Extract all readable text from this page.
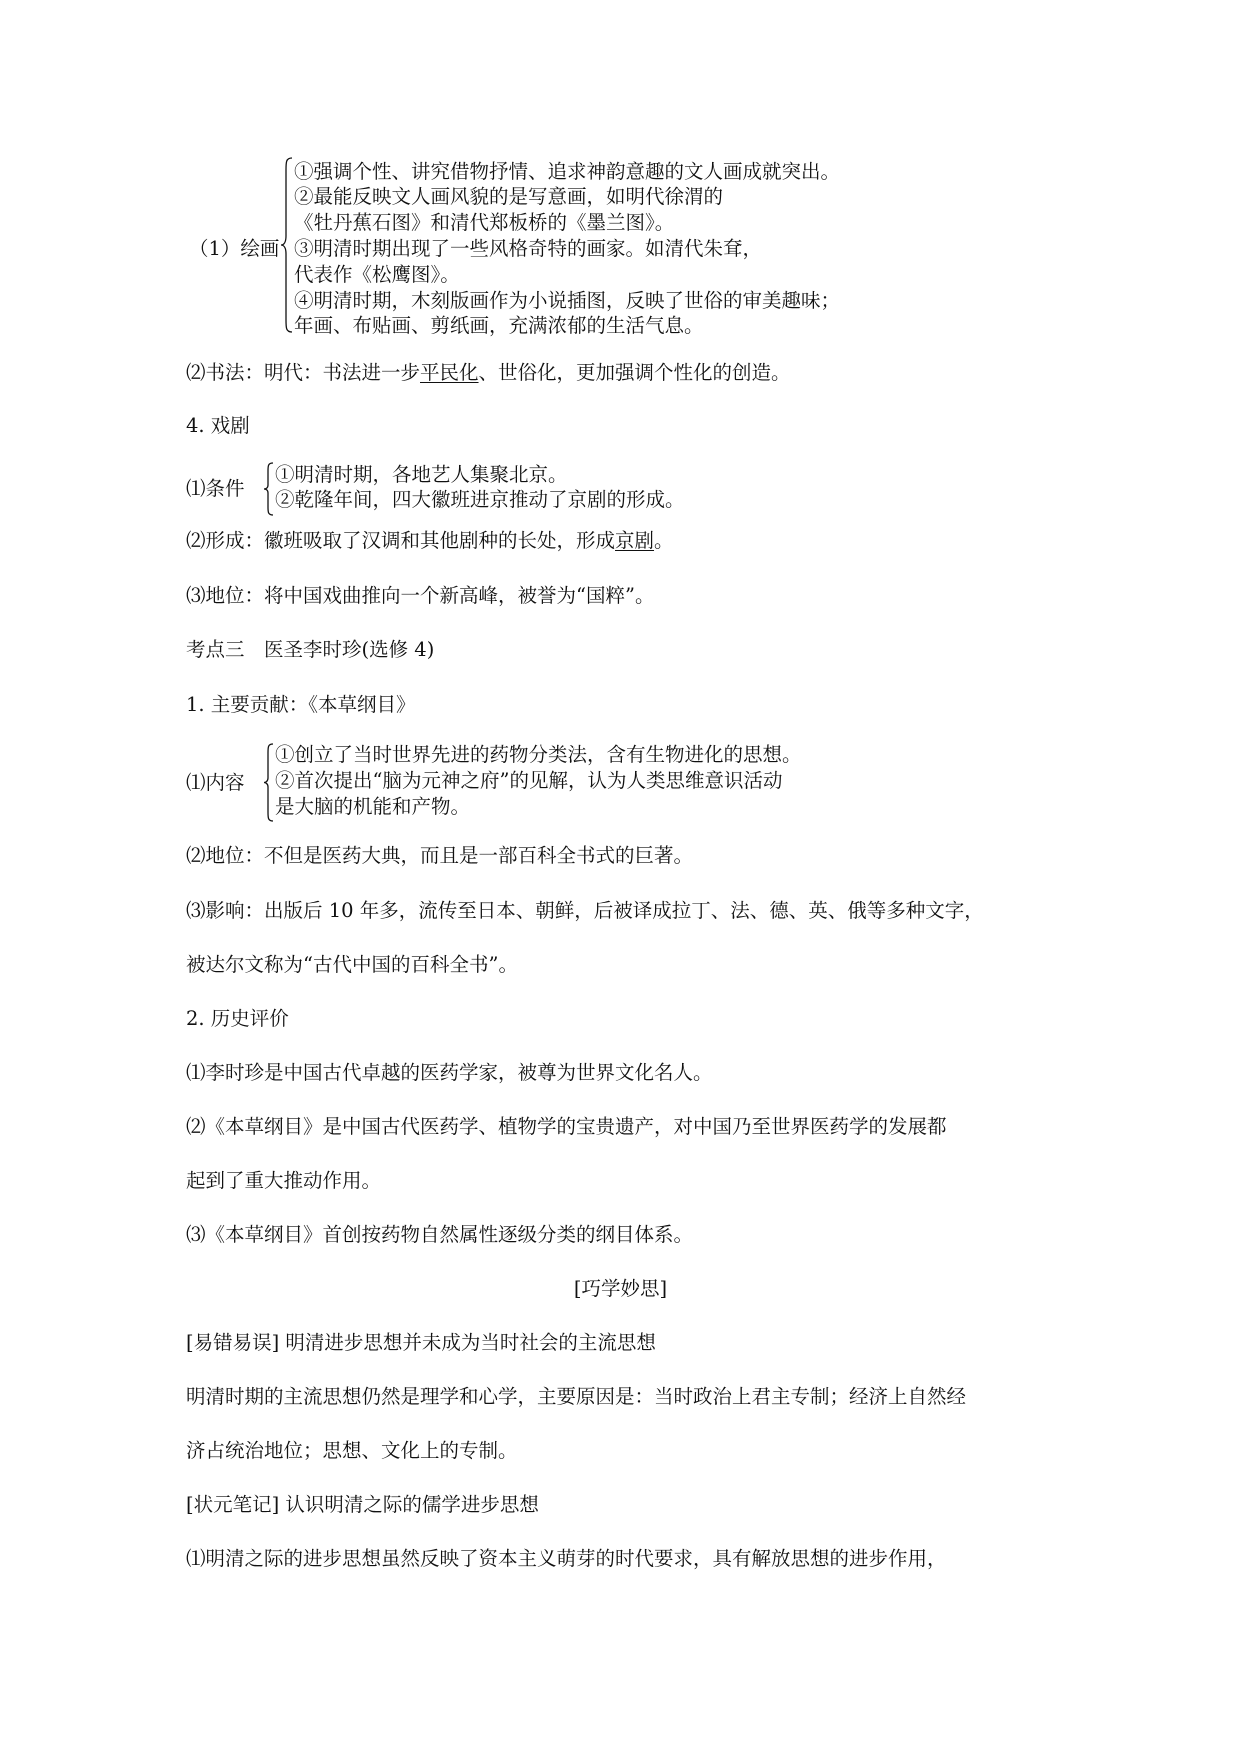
（1）绘画
①强调个性、讲究借物抒情、追求神韵意趣的文人画成就突出。
②最能反映文人画风貌的是写意画，如明代徐渭的
《牡丹蕉石图》和清代郑板桥的《墨兰图》。
③明清时期出现了一些风格奇特的画家。如清代朱耷，
代表作《松鹰图》。
④明清时期，木刻版画作为小说插图，反映了世俗的审美趣味；
年画、布贴画、剪纸画，充满浓郁的生活气息。
⑵书法：明代：书法进一步平民化、世俗化，更加强调个性化的创造。
4. 戏剧
⑴条件
①明清时期，各地艺人集聚北京。
②乾隆年间，四大徽班进京推动了京剧的形成。
⑵形成：徽班吸取了汉调和其他剧种的长处，形成京剧。
⑶地位：将中国戏曲推向一个新高峰，被誉为“国粹”。
考点三　医圣李时珍(选修 4)
1. 主要贡献：《本草纲目》
⑴内容
①创立了当时世界先进的药物分类法，含有生物进化的思想。
②首次提出“脑为元神之府”的见解，认为人类思维意识活动
是大脑的机能和产物。
⑵地位：不但是医药大典，而且是一部百科全书式的巨著。
⑶影响：出版后 10 年多，流传至日本、朝鲜，后被译成拉丁、法、德、英、俄等多种文字，
被达尔文称为“古代中国的百科全书”。
2. 历史评价
⑴李时珍是中国古代卓越的医药学家，被尊为世界文化名人。
⑵《本草纲目》是中国古代医药学、植物学的宝贵遗产，对中国乃至世界医药学的发展都
起到了重大推动作用。
⑶《本草纲目》首创按药物自然属性逐级分类的纲目体系。
[巧学妙思]
[易错易误] 明清进步思想并未成为当时社会的主流思想
明清时期的主流思想仍然是理学和心学，主要原因是：当时政治上君主专制；经济上自然经
济占统治地位；思想、文化上的专制。
[状元笔记] 认识明清之际的儒学进步思想
⑴明清之际的进步思想虽然反映了资本主义萌芽的时代要求，具有解放思想的进步作用，
